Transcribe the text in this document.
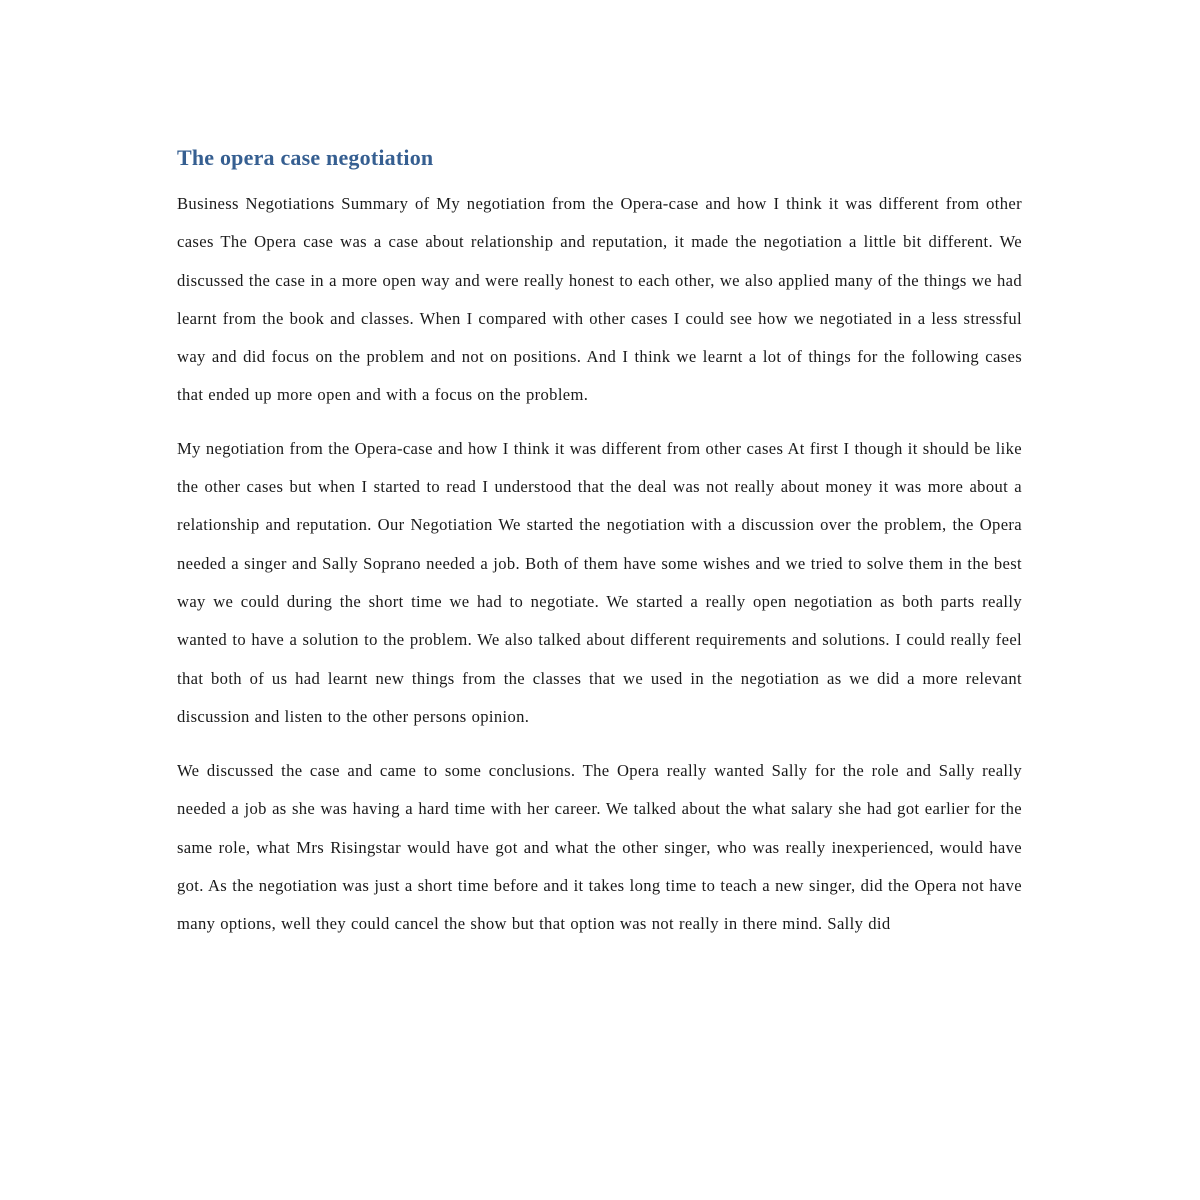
The opera case negotiation

Business Negotiations Summary of My negotiation from the Opera-case and how I think it was different from other cases The Opera case was a case about relationship and reputation, it made the negotiation a little bit different. We discussed the case in a more open way and were really honest to each other, we also applied many of the things we had learnt from the book and classes. When I compared with other cases I could see how we negotiated in a less stressful way and did focus on the problem and not on positions. And I think we learnt a lot of things for the following cases that ended up more open and with a focus on the problem.

My negotiation from the Opera-case and how I think it was different from other cases At first I though it should be like the other cases but when I started to read I understood that the deal was not really about money it was more about a relationship and reputation. Our Negotiation We started the negotiation with a discussion over the problem, the Opera needed a singer and Sally Soprano needed a job. Both of them have some wishes and we tried to solve them in the best way we could during the short time we had to negotiate. We started a really open negotiation as both parts really wanted to have a solution to the problem. We also talked about different requirements and solutions. I could really feel that both of us had learnt new things from the classes that we used in the negotiation as we did a more relevant discussion and listen to the other persons opinion.

We discussed the case and came to some conclusions. The Opera really wanted Sally for the role and Sally really needed a job as she was having a hard time with her career. We talked about the what salary she had got earlier for the same role, what Mrs Risingstar would have got and what the other singer, who was really inexperienced, would have got. As the negotiation was just a short time before and it takes long time to teach a new singer, did the Opera not have many options, well they could cancel the show but that option was not really in there mind. Sally did
